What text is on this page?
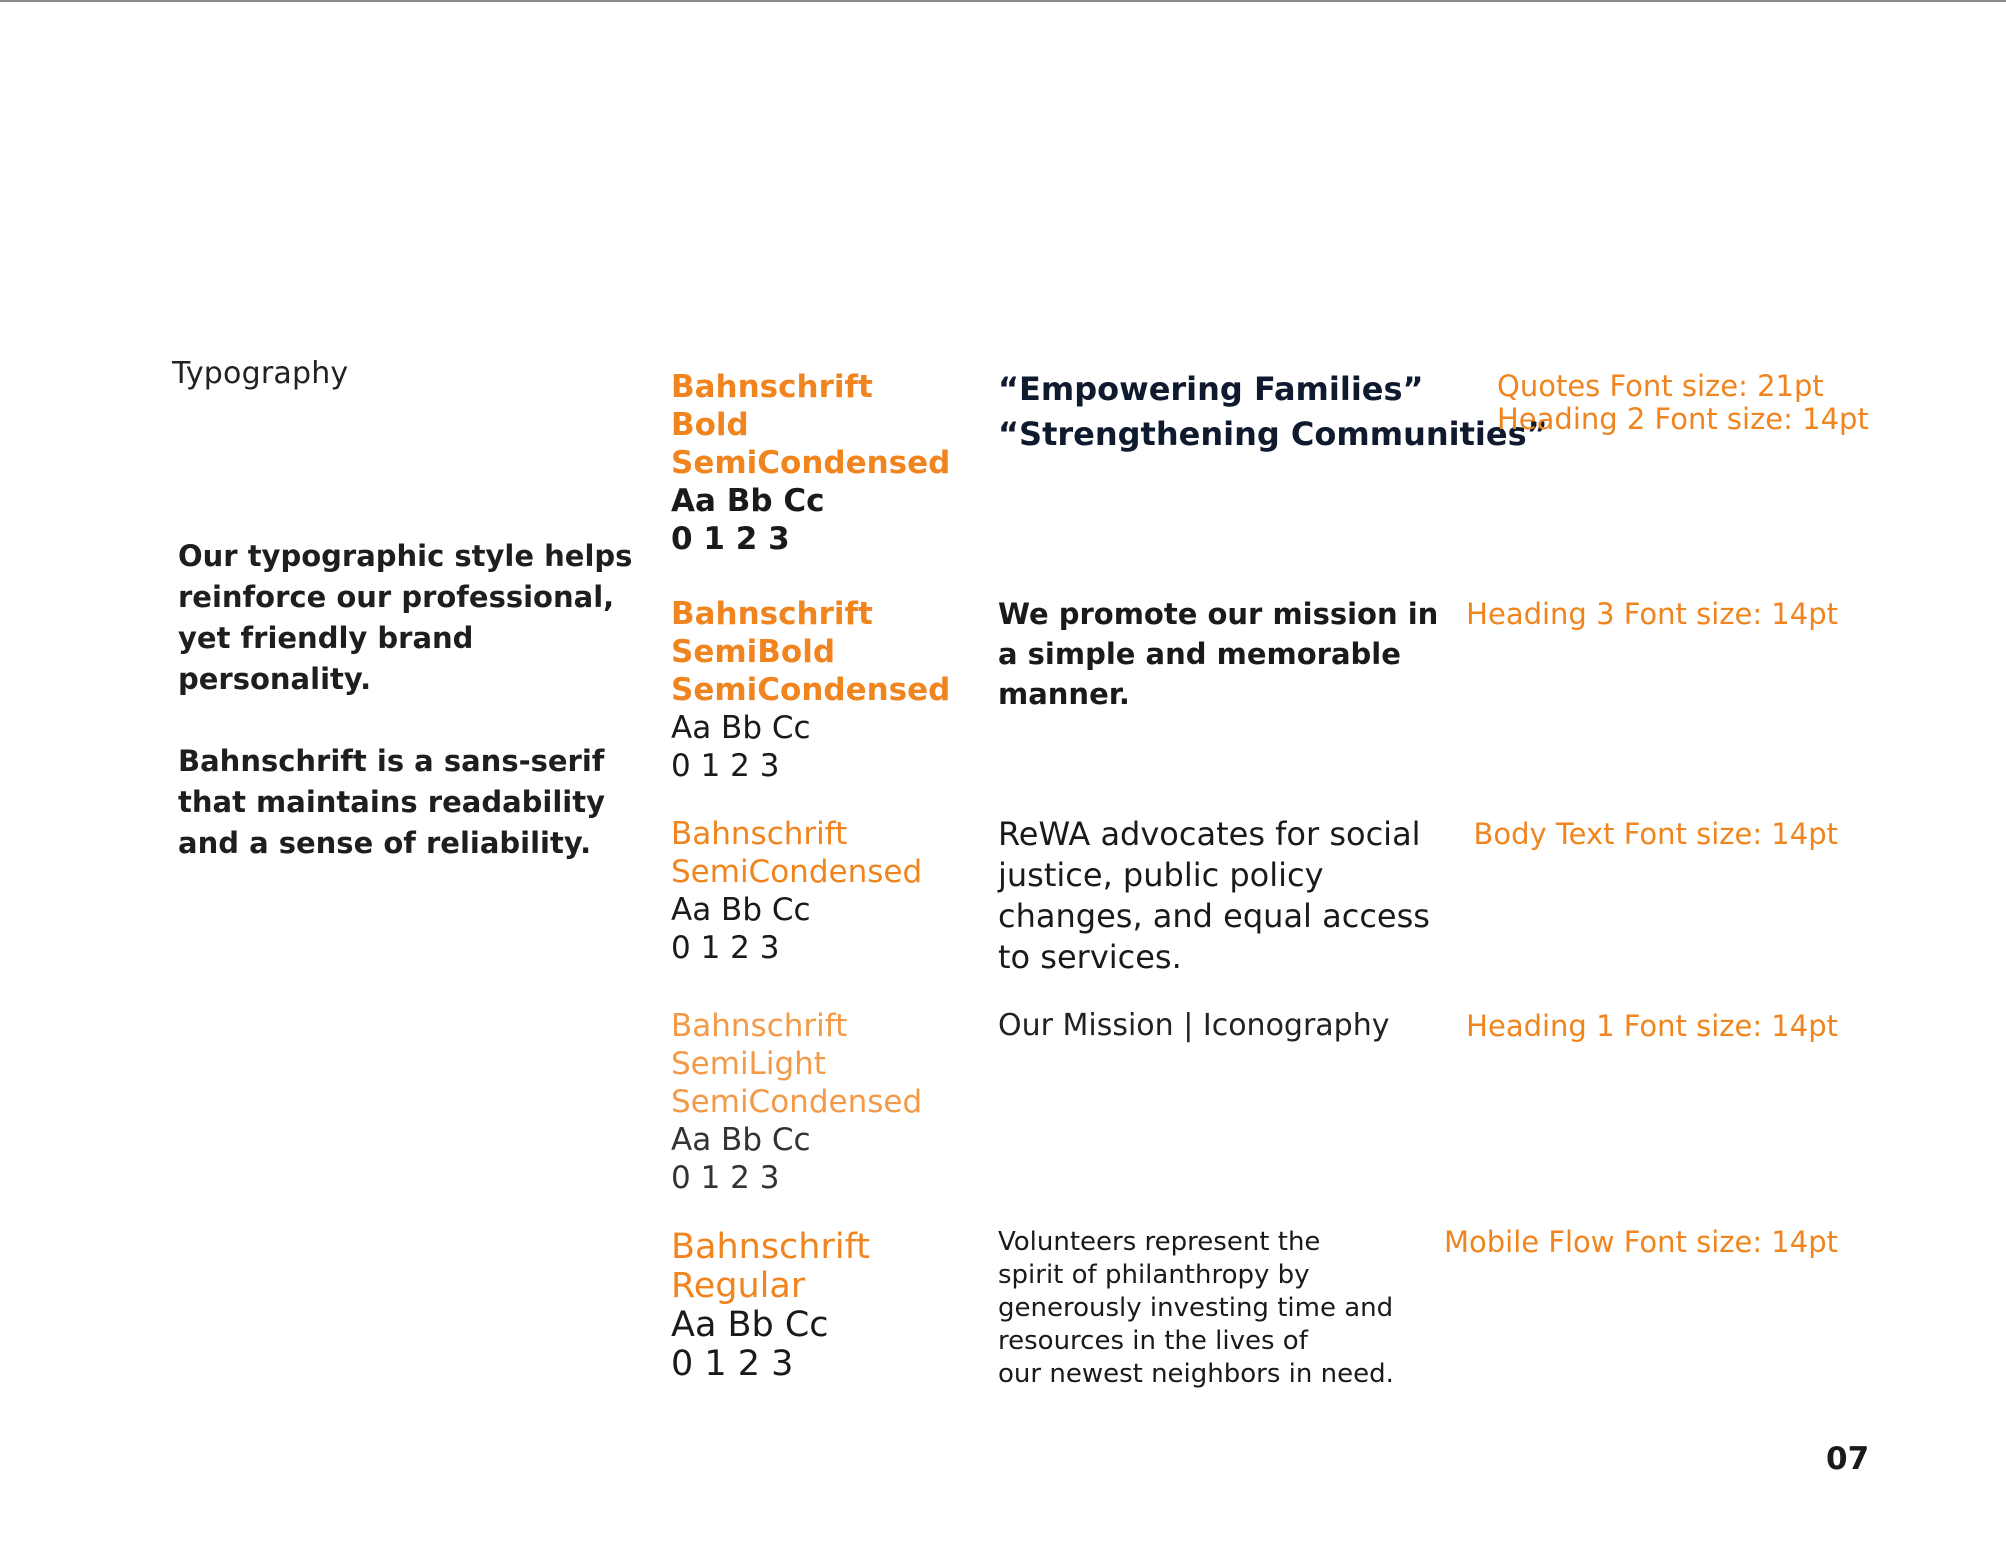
Typography

Our typographic style helps reinforce our professional, yet friendly brand personality.

Bahnschrift is a sans-serif that maintains readability and a sense of reliability.

Bahnschrift
Bold
SemiCondensed
Aa Bb Cc
0 1 2 3
Bahnschrift
SemiBold
SemiCondensed
Aa Bb Cc
0 1 2 3
Bahnschrift
SemiCondensed
Aa Bb Cc
0 1 2 3
Bahnschrift
SemiLight
SemiCondensed
Aa Bb Cc
0 1 2 3
Bahnschrift
Regular
Aa Bb Cc
0 1 2 3
“Empowering Families”
“Strengthening Communities”
We promote our mission in a simple and memorable manner.
ReWA advocates for social justice, public policy changes, and equal access to services.
Our Mission | Iconography
Volunteers represent the
spirit of philanthropy by
generously investing time and
resources in the lives of
our newest neighbors in need.
Quotes Font size: 21pt
Heading 2 Font size: 14pt
Heading 3 Font size: 14pt
Body Text Font size: 14pt
Heading 1 Font size: 14pt
Mobile Flow Font size: 14pt
07
